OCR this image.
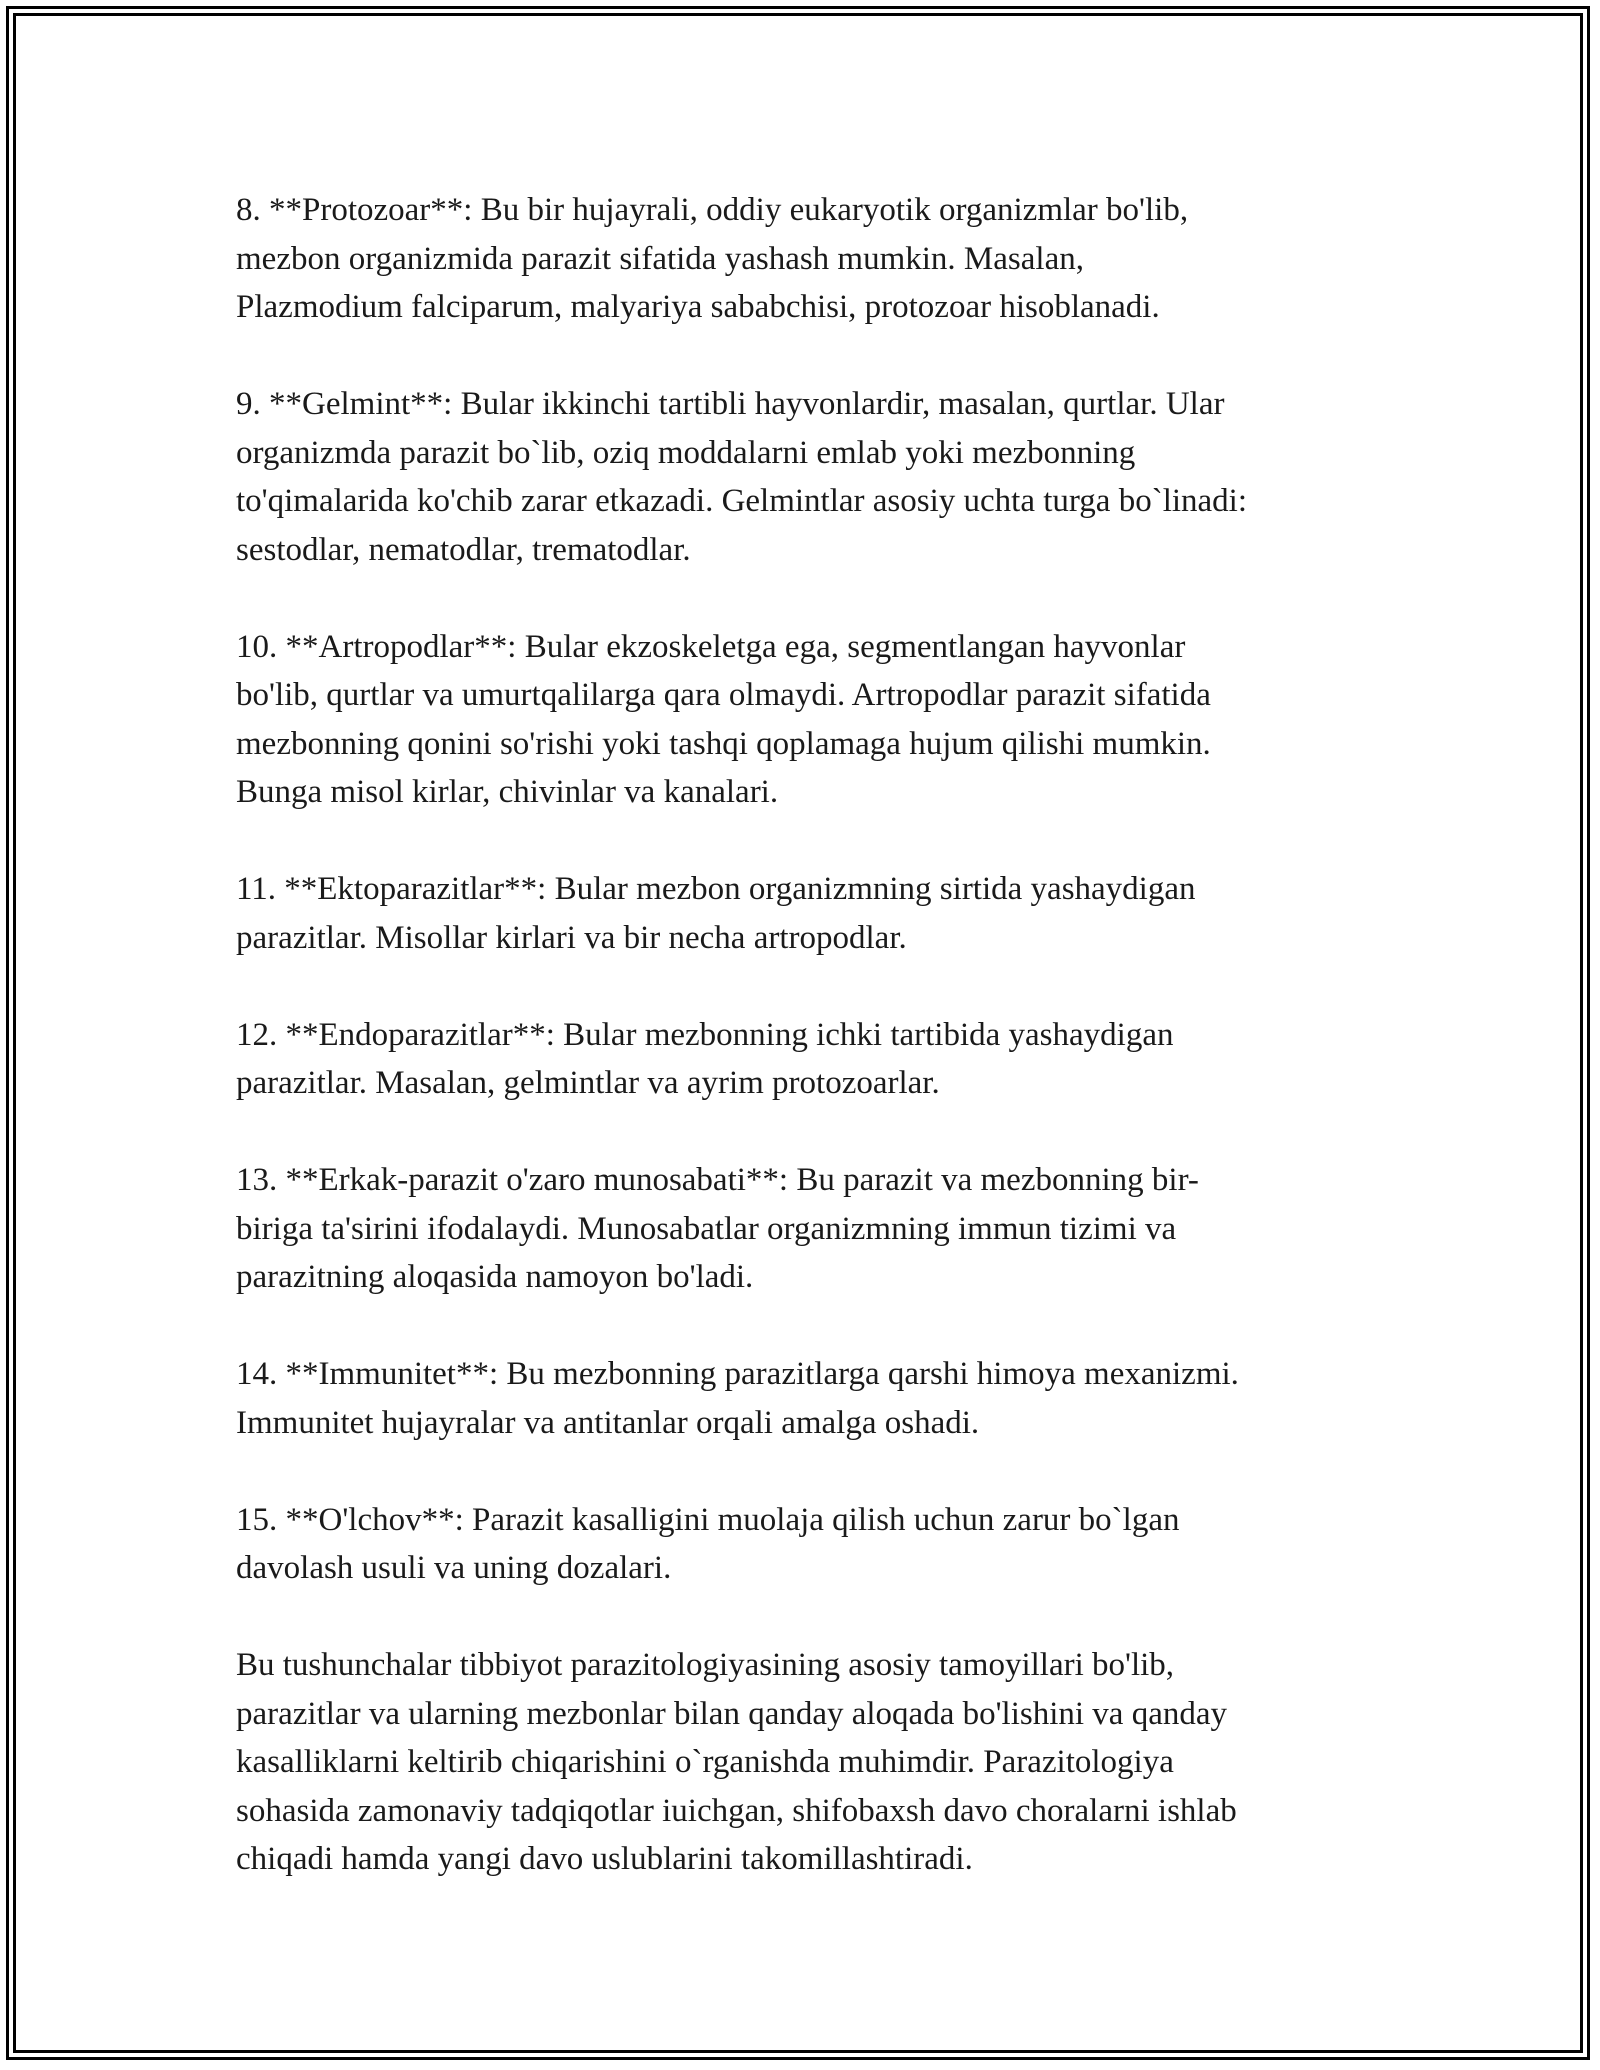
8. **Protozoar**: Bu bir hujayrali, oddiy eukaryotik organizmlar bo'lib,
mezbon organizmida parazit sifatida yashash mumkin. Masalan,
Plazmodium falciparum, malyariya sababchisi, protozoar hisoblanadi.

9. **Gelmint**: Bular ikkinchi tartibli hayvonlardir, masalan, qurtlar. Ular
organizmda parazit bo`lib, oziq moddalarni emlab yoki mezbonning
to'qimalarida ko'chib zarar etkazadi. Gelmintlar asosiy uchta turga bo`linadi:
sestodlar, nematodlar, trematodlar.

10. **Artropodlar**: Bular ekzoskeletga ega, segmentlangan hayvonlar
bo'lib, qurtlar va umurtqalilarga qara olmaydi. Artropodlar parazit sifatida
mezbonning qonini so'rishi yoki tashqi qoplamaga hujum qilishi mumkin.
Bunga misol kirlar, chivinlar va kanalari.

11. **Ektoparazitlar**: Bular mezbon organizmning sirtida yashaydigan
parazitlar. Misollar kirlari va bir necha artropodlar.

12. **Endoparazitlar**: Bular mezbonning ichki tartibida yashaydigan
parazitlar. Masalan, gelmintlar va ayrim protozoarlar.

13. **Erkak-parazit o'zaro munosabati**: Bu parazit va mezbonning bir-
biriga ta'sirini ifodalaydi. Munosabatlar organizmning immun tizimi va
parazitning aloqasida namoyon bo'ladi.

14. **Immunitet**: Bu mezbonning parazitlarga qarshi himoya mexanizmi.
Immunitet hujayralar va antitanlar orqali amalga oshadi.

15. **O'lchov**: Parazit kasalligini muolaja qilish uchun zarur bo`lgan
davolash usuli va uning dozalari.

Bu tushunchalar tibbiyot parazitologiyasining asosiy tamoyillari bo'lib,
parazitlar va ularning mezbonlar bilan qanday aloqada bo'lishini va qanday
kasalliklarni keltirib chiqarishini o`rganishda muhimdir. Parazitologiya
sohasida zamonaviy tadqiqotlar iuichgan, shifobaxsh davo choralarni ishlab
chiqadi hamda yangi davo uslublarini takomillashtiradi.
